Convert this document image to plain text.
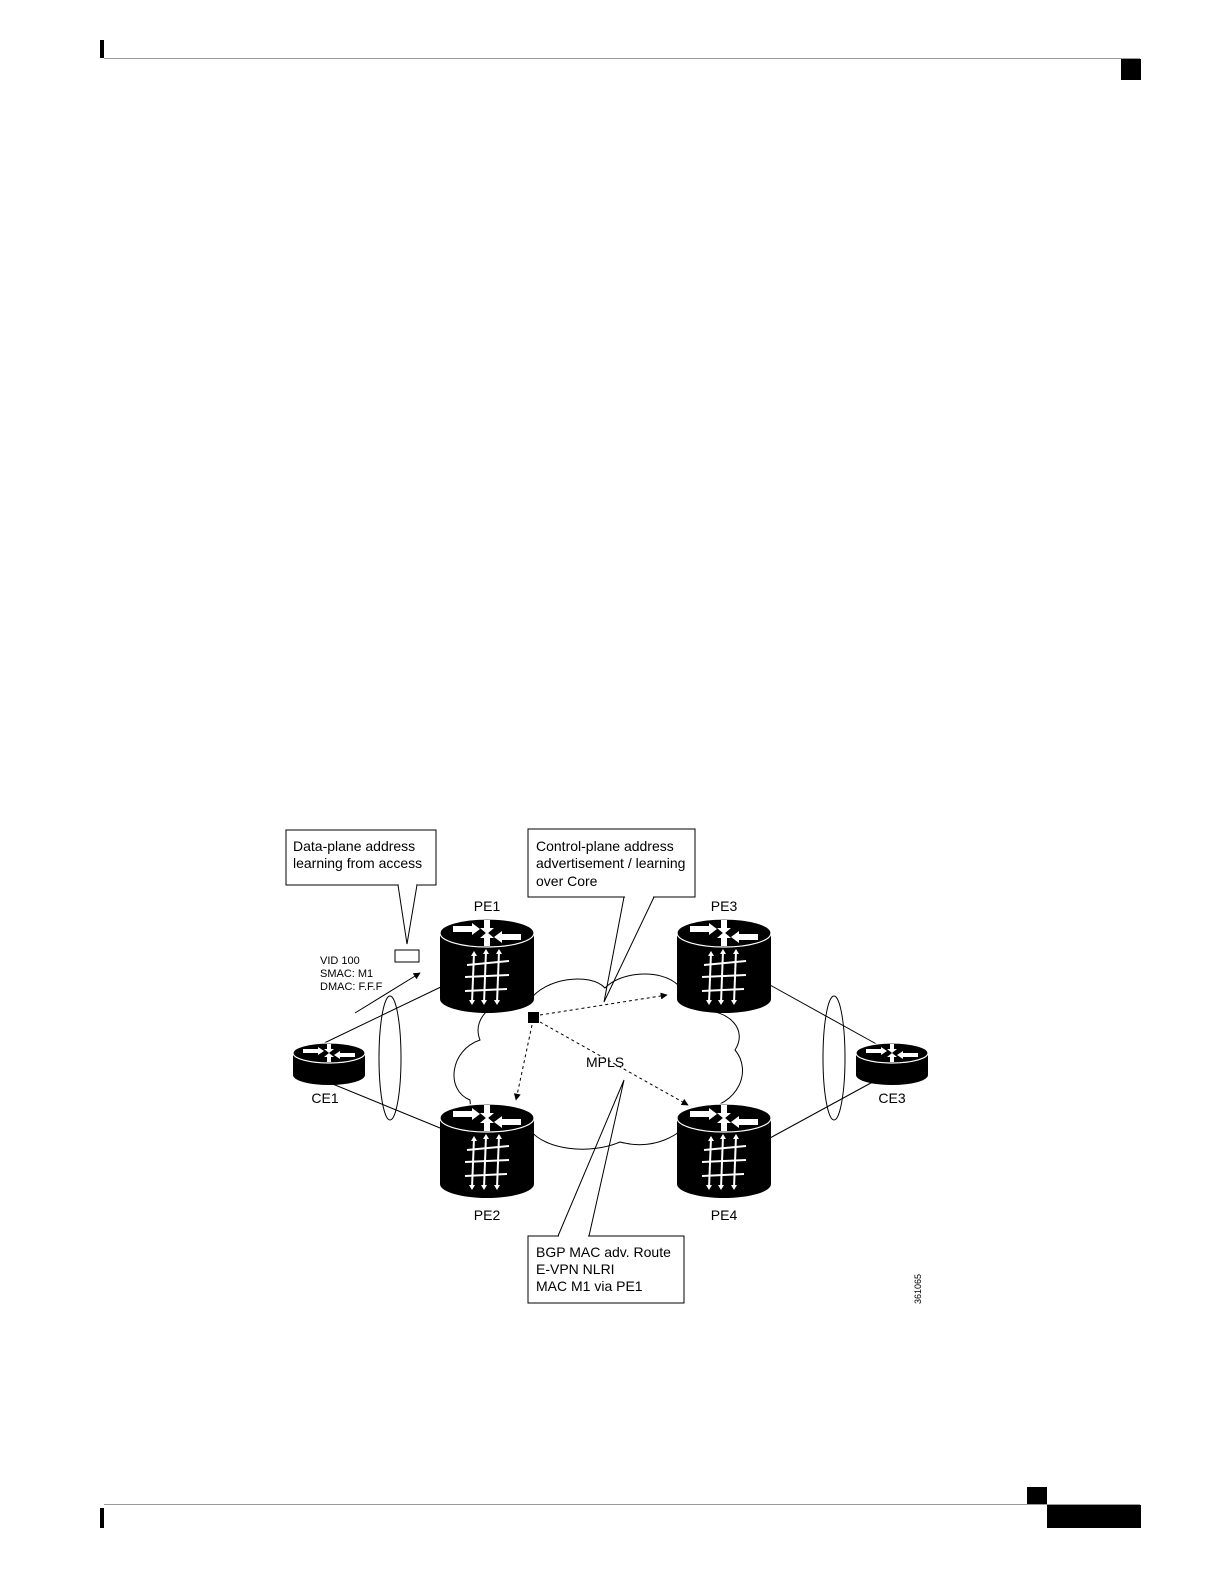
Data-plane address
learning from access
Control-plane address
advertisement / learning
over Core
BGP MAC adv. Route
E-VPN NLRI
MAC M1 via PE1
VID 100
SMAC: M1
DMAC: F.F.F
PE1	PE3
PE2	PE4
CE1	CE3
MPLS
361065
